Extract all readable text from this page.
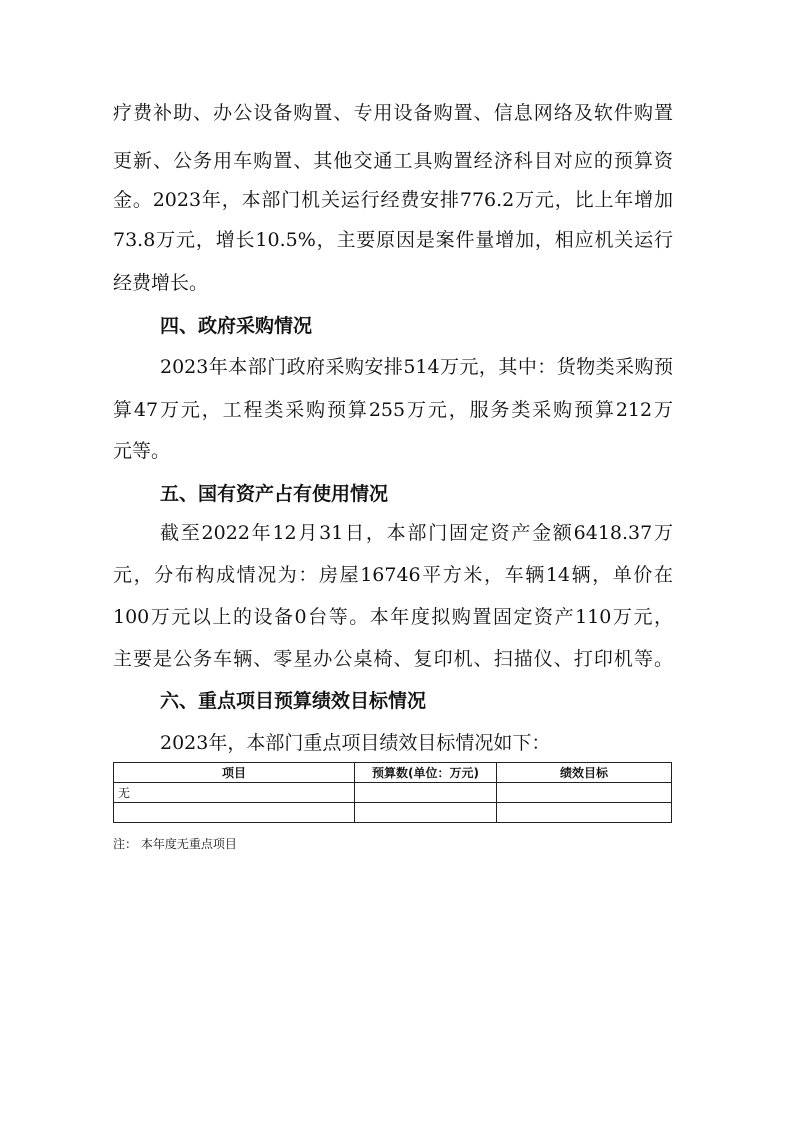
疗费补助、办公设备购置、专用设备购置、信息网络及软件购置
更新、公务用车购置、其他交通工具购置经济科目对应的预算资
金。2023年，本部门机关运行经费安排776.2万元，比上年增加
73.8万元，增长10.5%，主要原因是案件量增加，相应机关运行
经费增长。
四、政府采购情况
2023年本部门政府采购安排514万元，其中：货物类采购预
算47万元，工程类采购预算255万元，服务类采购预算212万
元等。
五、国有资产占有使用情况
截至2022年12月31日，本部门固定资产金额6418.37万
元，分布构成情况为：房屋16746平方米，车辆14辆，单价在
100万元以上的设备0台等。本年度拟购置固定资产110万元，
主要是公务车辆、零星办公桌椅、复印机、扫描仪、打印机等。
六、重点项目预算绩效目标情况
2023年，本部门重点项目绩效目标情况如下：
项目	预算数(单位：万元)	绩效目标
无		

注： 本年度无重点项目
